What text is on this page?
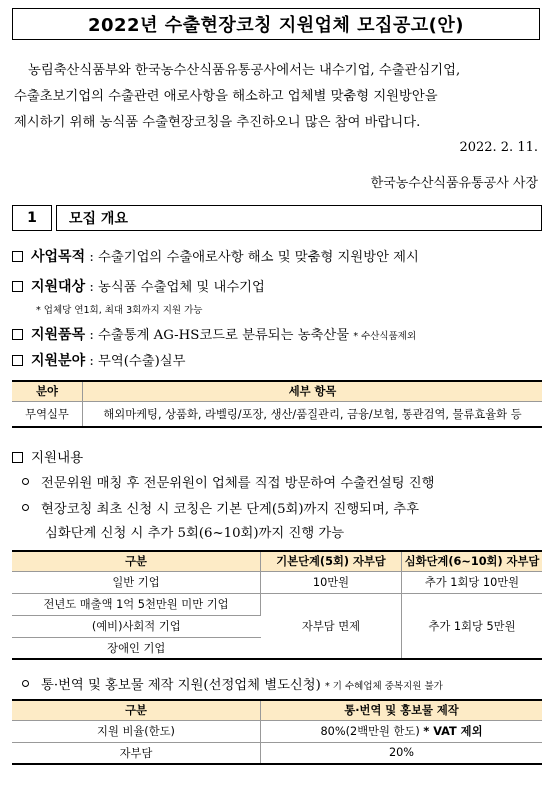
2022년 수출현장코칭 지원업체 모집공고(안)
농림축산식품부와 한국농수산식품유통공사에서는 내수기업, 수출관심기업,
수출초보기업의 수출관련 애로사항을 해소하고 업체별 맞춤형 지원방안을
제시하기 위해 농식품 수출현장코칭을 추진하오니 많은 참여 바랍니다.
2022. 2. 11.
한국농수산식품유통공사 사장
1	모집 개요
사업목적 : 수출기업의 수출애로사항 해소 및 맞춤형 지원방안 제시
지원대상 : 농식품 수출업체 및 내수기업
* 업체당 연1회, 최대 3회까지 지원 가능
지원품목 : 수출통계 AG-HS코드로 분류되는 농축산물 * 수산식품제외
지원분야 : 무역(수출)실무
분야	세부 항목
무역실무	해외마케팅, 상품화, 라벨링/포장, 생산/품질관리, 금융/보험, 통관검역, 물류효율화 등
지원내용
전문위원 매칭 후 전문위원이 업체를 직접 방문하여 수출컨설팅 진행
현장코칭 최초 신청 시 코칭은 기본 단계(5회)까지 진행되며, 추후
심화단계 신청 시 추가 5회(6~10회)까지 진행 가능
구분	기본단계(5회) 자부담	심화단계(6~10회) 자부담
일반 기업	10만원	추가 1회당 10만원
전년도 매출액 1억 5천만원 미만 기업	자부담 면제	추가 1회당 5만원
(예비)사회적 기업		
장애인 기업		
통·번역 및 홍보물 제작 지원(선정업체 별도신청) * 기 수혜업체 중복지원 불가
구분	통·번역 및 홍보물 제작
지원 비율(한도)	80%(2백만원 한도) * VAT 제외
자부담	20%
